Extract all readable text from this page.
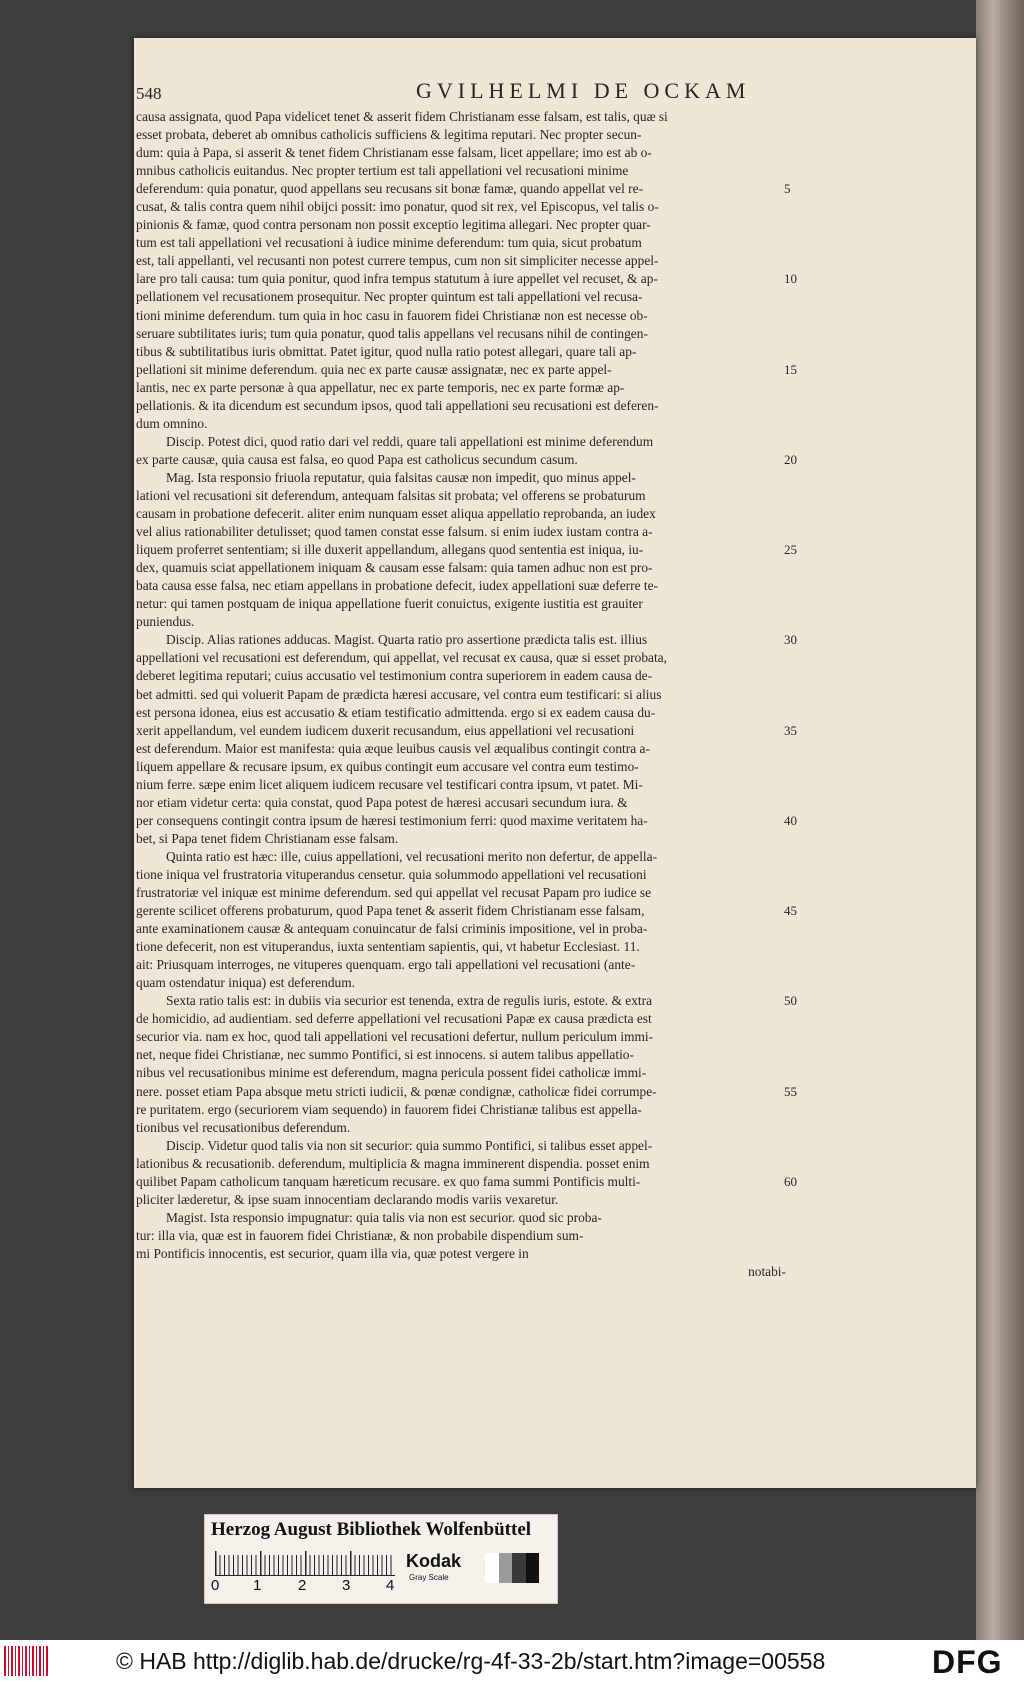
548	GVILHELMI DE OCKAM
causa assignata, quod Papa videlicet tenet & asserit fidem Christianam esse falsam, est talis, quæ si
esset probata, deberet ab omnibus catholicis sufficiens & legitima reputari. Nec propter secun-
dum: quia à Papa, si asserit & tenet fidem Christianam esse falsam, licet appellare; imo est ab o-
mnibus catholicis euitandus. Nec propter tertium est tali appellationi vel recusationi minime
deferendum: quia ponatur, quod appellans seu recusans sit bonæ famæ, quando appellat vel re-
cusat, & talis contra quem nihil obijci possit: imo ponatur, quod sit rex, vel Episcopus, vel talis o-
pinionis & famæ, quod contra personam non possit exceptio legitima allegari. Nec propter quar-
tum est tali appellationi vel recusationi à iudice minime deferendum: tum quia, sicut probatum
est, tali appellanti, vel recusanti non potest currere tempus, cum non sit simpliciter necesse appel-
lare pro tali causa: tum quia ponitur, quod infra tempus statutum à iure appellet vel recuset, & ap-
pellationem vel recusationem prosequitur. Nec propter quintum est tali appellationi vel recusa-
tioni minime deferendum. tum quia in hoc casu in fauorem fidei Christianæ non est necesse ob-
seruare subtilitates iuris; tum quia ponatur, quod talis appellans vel recusans nihil de contingen-
tibus & subtilitatibus iuris obmittat. Patet igitur, quod nulla ratio potest allegari, quare tali ap-
pellationi sit minime deferendum. quia nec ex parte causæ assignatæ, nec ex parte appel-
lantis, nec ex parte personæ à qua appellatur, nec ex parte temporis, nec ex parte formæ ap-
pellationis. & ita dicendum est secundum ipsos, quod tali appellationi seu recusationi est deferen-
dum omnino.
Discip. Potest dici, quod ratio dari vel reddi, quare tali appellationi est minime deferendum
ex parte causæ, quia causa est falsa, eo quod Papa est catholicus secundum casum.
Mag. Ista responsio friuola reputatur, quia falsitas causæ non impedit, quo minus appel-
lationi vel recusationi sit deferendum, antequam falsitas sit probata; vel offerens se probaturum
causam in probatione defecerit. aliter enim nunquam esset aliqua appellatio reprobanda, an iudex
vel alius rationabiliter detulisset; quod tamen constat esse falsum. si enim iudex iustam contra a-
liquem proferret sententiam; si ille duxerit appellandum, allegans quod sententia est iniqua, iu-
dex, quamuis sciat appellationem iniquam & causam esse falsam: quia tamen adhuc non est pro-
bata causa esse falsa, nec etiam appellans in probatione defecit, iudex appellationi suæ deferre te-
netur: qui tamen postquam de iniqua appellatione fuerit conuictus, exigente iustitia est grauiter
puniendus.
Discip. Alias rationes adducas. Magist. Quarta ratio pro assertione prædicta talis est. illius
appellationi vel recusationi est deferendum, qui appellat, vel recusat ex causa, quæ si esset probata,
deberet legitima reputari; cuius accusatio vel testimonium contra superiorem in eadem causa de-
bet admitti. sed qui voluerit Papam de prædicta hæresi accusare, vel contra eum testificari: si alius
est persona idonea, eius est accusatio & etiam testificatio admittenda. ergo si ex eadem causa du-
xerit appellandum, vel eundem iudicem duxerit recusandum, eius appellationi vel recusationi
est deferendum. Maior est manifesta: quia æque leuibus causis vel æqualibus contingit contra a-
liquem appellare & recusare ipsum, ex quibus contingit eum accusare vel contra eum testimo-
nium ferre. sæpe enim licet aliquem iudicem recusare vel testificari contra ipsum, vt patet. Mi-
nor etiam videtur certa: quia constat, quod Papa potest de hæresi accusari secundum iura. &
per consequens contingit contra ipsum de hæresi testimonium ferri: quod maxime veritatem ha-
bet, si Papa tenet fidem Christianam esse falsam.
Quinta ratio est hæc: ille, cuius appellationi, vel recusationi merito non defertur, de appella-
tione iniqua vel frustratoria vituperandus censetur. quia solummodo appellationi vel recusationi
frustratoriæ vel iniquæ est minime deferendum. sed qui appellat vel recusat Papam pro iudice se
gerente scilicet offerens probaturum, quod Papa tenet & asserit fidem Christianam esse falsam,
ante examinationem causæ & antequam conuincatur de falsi criminis impositione, vel in proba-
tione defecerit, non est vituperandus, iuxta sententiam sapientis, qui, vt habetur Ecclesiast. 11.
ait: Priusquam interroges, ne vituperes quenquam. ergo tali appellationi vel recusationi (ante-
quam ostendatur iniqua) est deferendum.
Sexta ratio talis est: in dubiis via securior est tenenda, extra de regulis iuris, estote. & extra
de homicidio, ad audientiam. sed deferre appellationi vel recusationi Papæ ex causa prædicta est
securior via. nam ex hoc, quod tali appellationi vel recusationi defertur, nullum periculum immi-
net, neque fidei Christianæ, nec summo Pontifici, si est innocens. si autem talibus appellatio-
nibus vel recusationibus minime est deferendum, magna pericula possent fidei catholicæ immi-
nere. posset etiam Papa absque metu stricti iudicii, & pœnæ condignæ, catholicæ fidei corrumpe-
re puritatem. ergo (securiorem viam sequendo) in fauorem fidei Christianæ talibus est appella-
tionibus vel recusationibus deferendum.
Discip. Videtur quod talis via non sit securior: quia summo Pontifici, si talibus esset appel-
lationibus & recusationib. deferendum, multiplicia & magna imminerent dispendia. posset enim
quilibet Papam catholicum tanquam hæreticum recusare. ex quo fama summi Pontificis multi-
pliciter læderetur, & ipse suam innocentiam declarando modis variis vexaretur.
Magist. Ista responsio impugnatur: quia talis via non est securior. quod sic proba-
tur: illa via, quæ est in fauorem fidei Christianæ, & non probabile dispendium sum-
mi Pontificis innocentis, est securior, quam illa via, quæ potest vergere in
notabi-
5
10
15
20
25
30
35
40
45
50
55
60
Herzog August Bibliothek Wolfenbüttel
0 1 2 3 4
Kodak
Gray Scale
© HAB http://diglib.hab.de/drucke/rg-4f-33-2b/start.htm?image=00558	DFG
